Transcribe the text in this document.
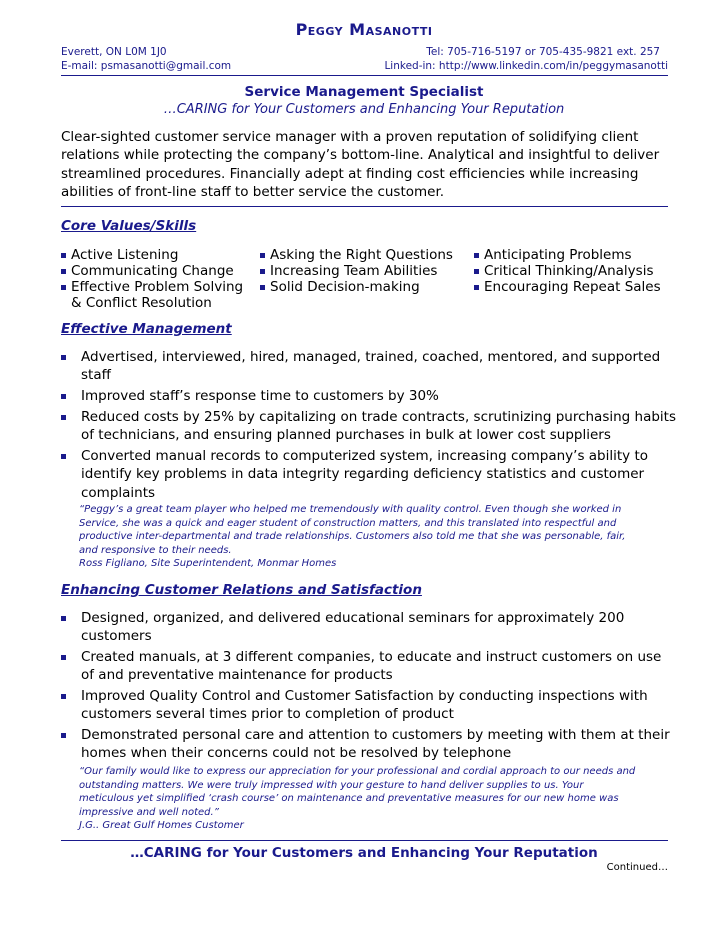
Peggy Masanotti
Everett, ON L0M 1J0
E-mail: psmasanotti@gmail.com
Tel: 705-716-5197 or 705-435-9821 ext. 257
Linked-in: http://www.linkedin.com/in/peggymasanotti
Service Management Specialist
…CARING for Your Customers and Enhancing Your Reputation
Clear-sighted customer service manager with a proven reputation of solidifying client relations while protecting the company’s bottom-line. Analytical and insightful to deliver streamlined procedures. Financially adept at finding cost efficiencies while increasing abilities of front-line staff to better service the customer.
Core Values/Skills
Active Listening
Communicating Change
Effective Problem Solving & Conflict Resolution
Asking the Right Questions
Increasing Team Abilities
Solid Decision-making
Anticipating Problems
Critical Thinking/Analysis
Encouraging Repeat Sales
Effective Management
Advertised, interviewed, hired, managed, trained, coached, mentored, and supported staff
Improved staff’s response time to customers by 30%
Reduced costs by 25% by capitalizing on trade contracts, scrutinizing purchasing habits of technicians, and ensuring planned purchases in bulk at lower cost suppliers
Converted manual records to computerized system, increasing company’s ability to identify key problems in data integrity regarding deficiency statistics and customer complaints
“Peggy’s a great team player who helped me tremendously with quality control. Even though she worked in Service, she was a quick and eager student of construction matters, and this translated into respectful and productive inter-departmental and trade relationships. Customers also told me that she was personable, fair, and responsive to their needs.
Ross Figliano, Site Superintendent, Monmar Homes
Enhancing Customer Relations and Satisfaction
Designed, organized, and delivered educational seminars for approximately 200 customers
Created manuals, at 3 different companies, to educate and instruct customers on use of and preventative maintenance for products
Improved Quality Control and Customer Satisfaction by conducting inspections with customers several times prior to completion of product
Demonstrated personal care and attention to customers by meeting with them at their homes when their concerns could not be resolved by telephone
“Our family would like to express our appreciation for your professional and cordial approach to our needs and outstanding matters. We were truly impressed with your gesture to hand deliver supplies to us. Your meticulous yet simplified ‘crash course’ on maintenance and preventative measures for our new home was impressive and well noted.”
J.G.. Great Gulf Homes Customer
…CARING for Your Customers and Enhancing Your Reputation
Continued…
